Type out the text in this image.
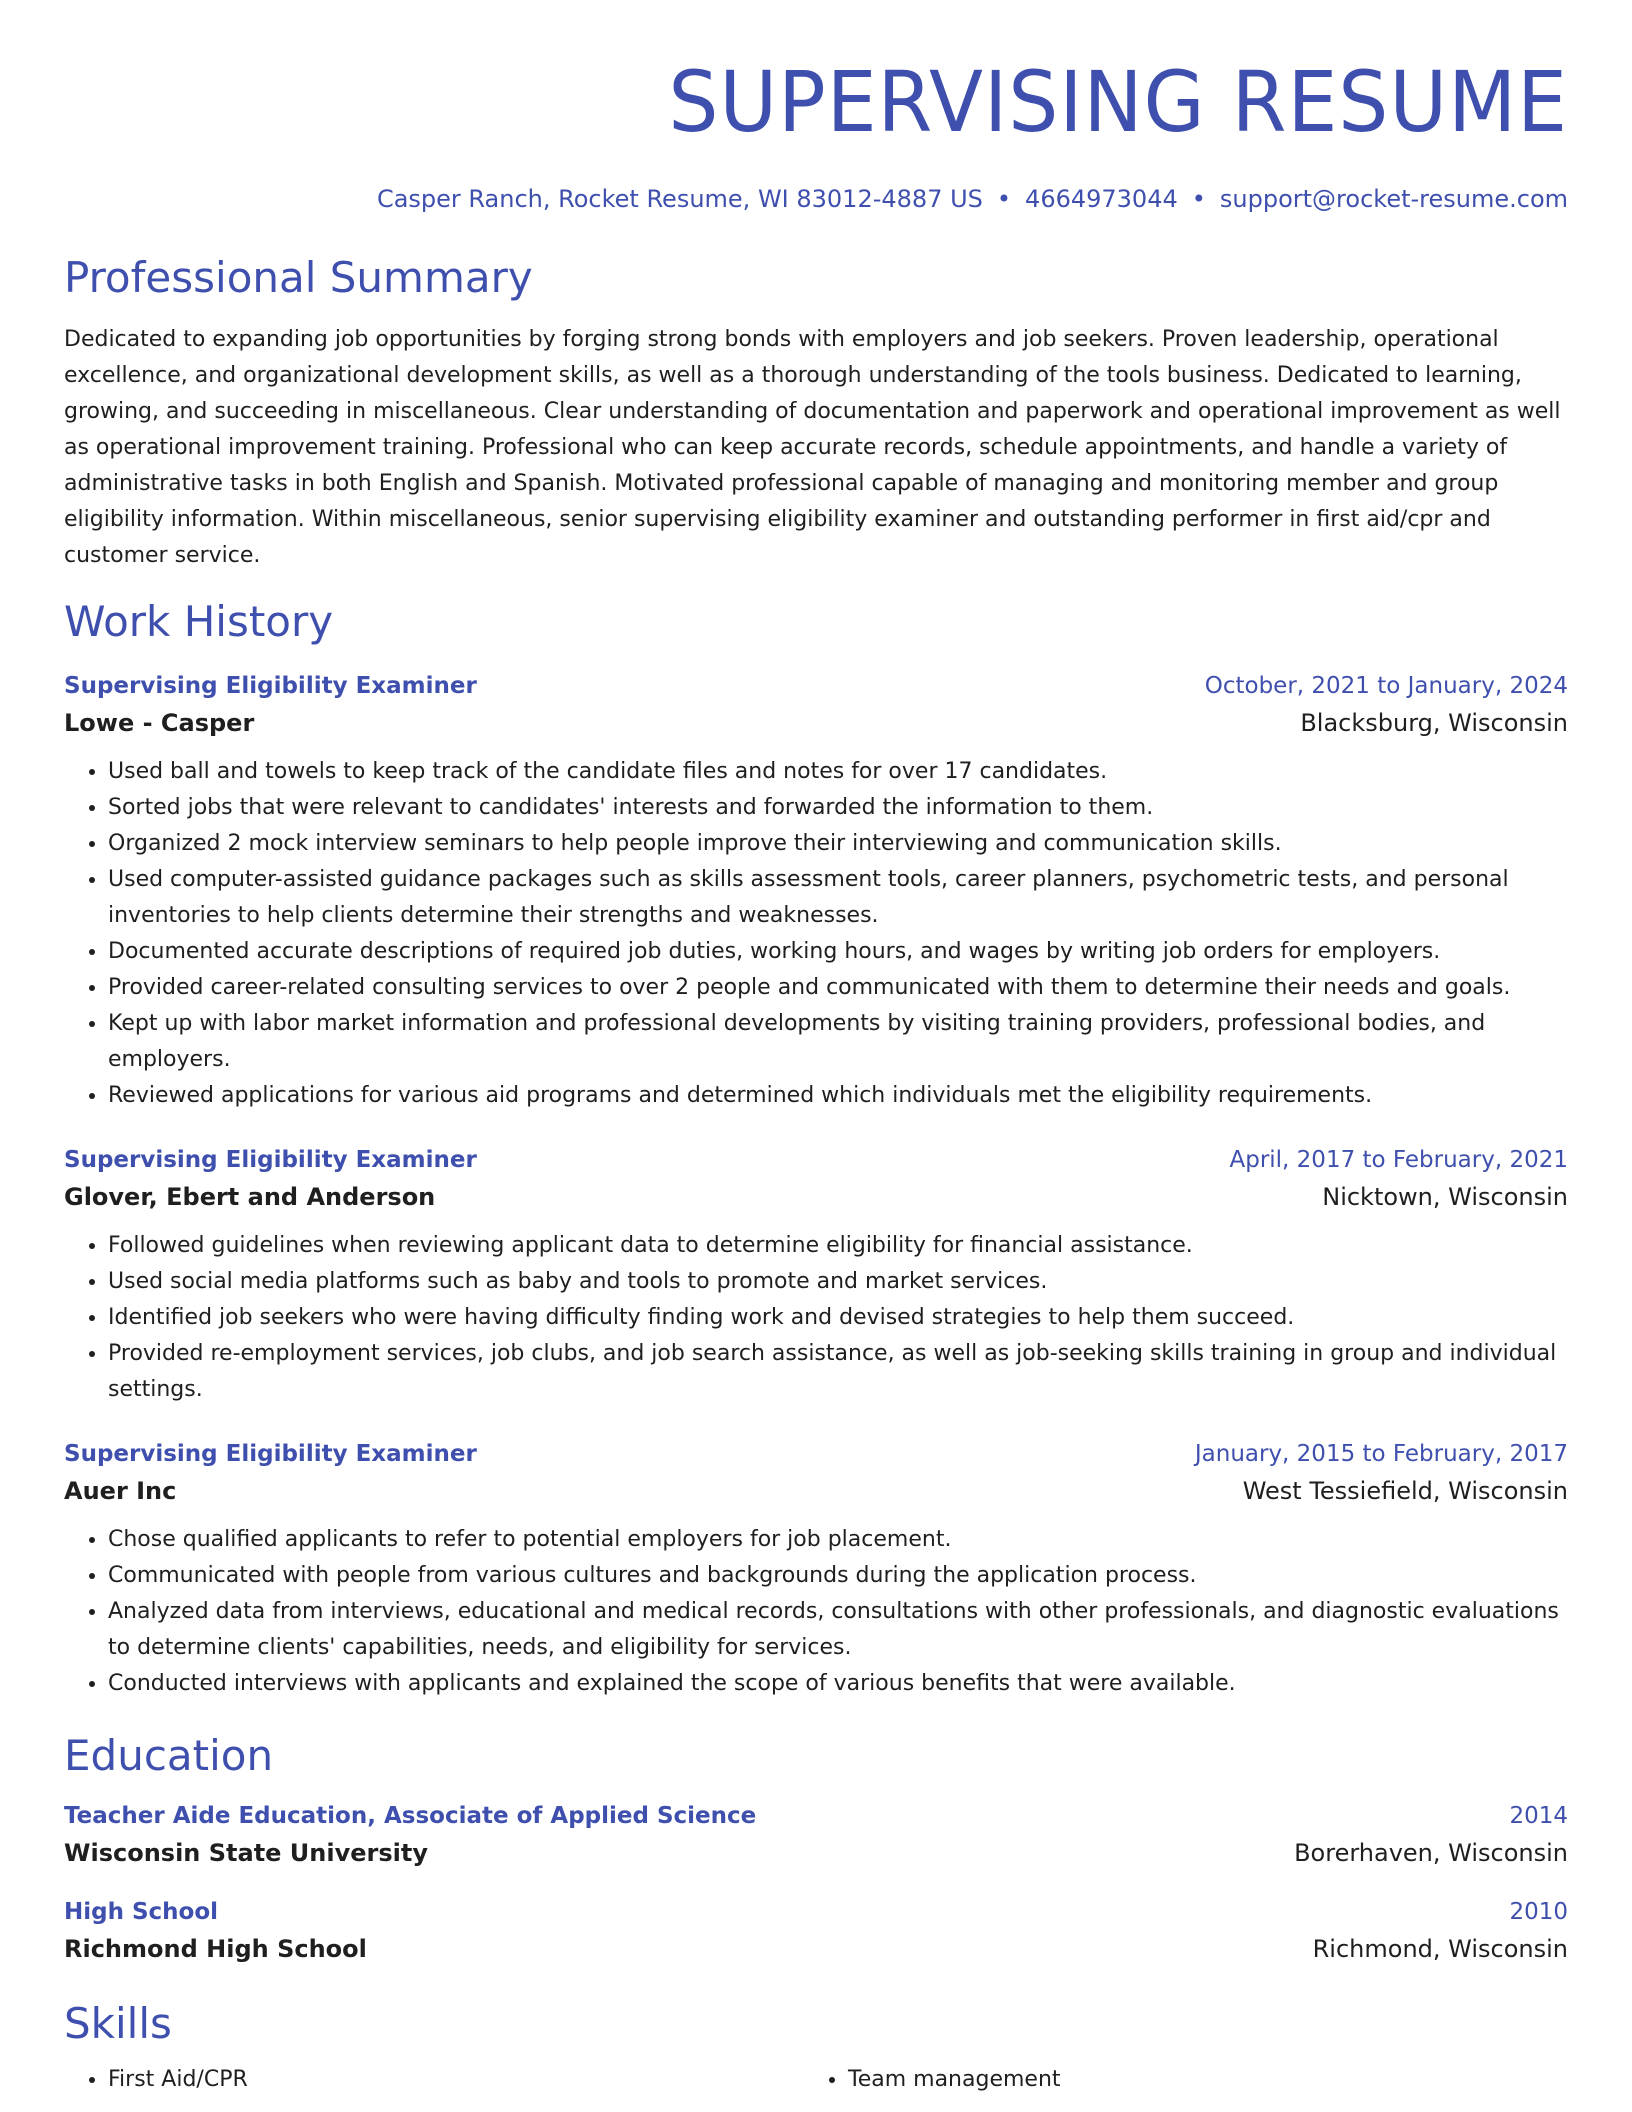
SUPERVISING RESUME
Casper Ranch, Rocket Resume, WI 83012-4887 US • 4664973044 • support@rocket-resume.com
Professional Summary
Dedicated to expanding job opportunities by forging strong bonds with employers and job seekers. Proven leadership, operational excellence, and organizational development skills, as well as a thorough understanding of the tools business. Dedicated to learning, growing, and succeeding in miscellaneous. Clear understanding of documentation and paperwork and operational improvement as well as operational improvement training. Professional who can keep accurate records, schedule appointments, and handle a variety of administrative tasks in both English and Spanish. Motivated professional capable of managing and monitoring member and group eligibility information. Within miscellaneous, senior supervising eligibility examiner and outstanding performer in first aid/cpr and customer service.
Work History
Supervising Eligibility Examiner	October, 2021 to January, 2024
Lowe - Casper	Blacksburg, Wisconsin
• Used ball and towels to keep track of the candidate files and notes for over 17 candidates.
• Sorted jobs that were relevant to candidates' interests and forwarded the information to them.
• Organized 2 mock interview seminars to help people improve their interviewing and communication skills.
• Used computer-assisted guidance packages such as skills assessment tools, career planners, psychometric tests, and personal inventories to help clients determine their strengths and weaknesses.
• Documented accurate descriptions of required job duties, working hours, and wages by writing job orders for employers.
• Provided career-related consulting services to over 2 people and communicated with them to determine their needs and goals.
• Kept up with labor market information and professional developments by visiting training providers, professional bodies, and employers.
• Reviewed applications for various aid programs and determined which individuals met the eligibility requirements.
Supervising Eligibility Examiner	April, 2017 to February, 2021
Glover, Ebert and Anderson	Nicktown, Wisconsin
• Followed guidelines when reviewing applicant data to determine eligibility for financial assistance.
• Used social media platforms such as baby and tools to promote and market services.
• Identified job seekers who were having difficulty finding work and devised strategies to help them succeed.
• Provided re-employment services, job clubs, and job search assistance, as well as job-seeking skills training in group and individual settings.
Supervising Eligibility Examiner	January, 2015 to February, 2017
Auer Inc	West Tessiefield, Wisconsin
• Chose qualified applicants to refer to potential employers for job placement.
• Communicated with people from various cultures and backgrounds during the application process.
• Analyzed data from interviews, educational and medical records, consultations with other professionals, and diagnostic evaluations to determine clients' capabilities, needs, and eligibility for services.
• Conducted interviews with applicants and explained the scope of various benefits that were available.
Education
Teacher Aide Education, Associate of Applied Science	2014
Wisconsin State University	Borerhaven, Wisconsin
High School	2010
Richmond High School	Richmond, Wisconsin
Skills
• First Aid/CPR
•	Team management
